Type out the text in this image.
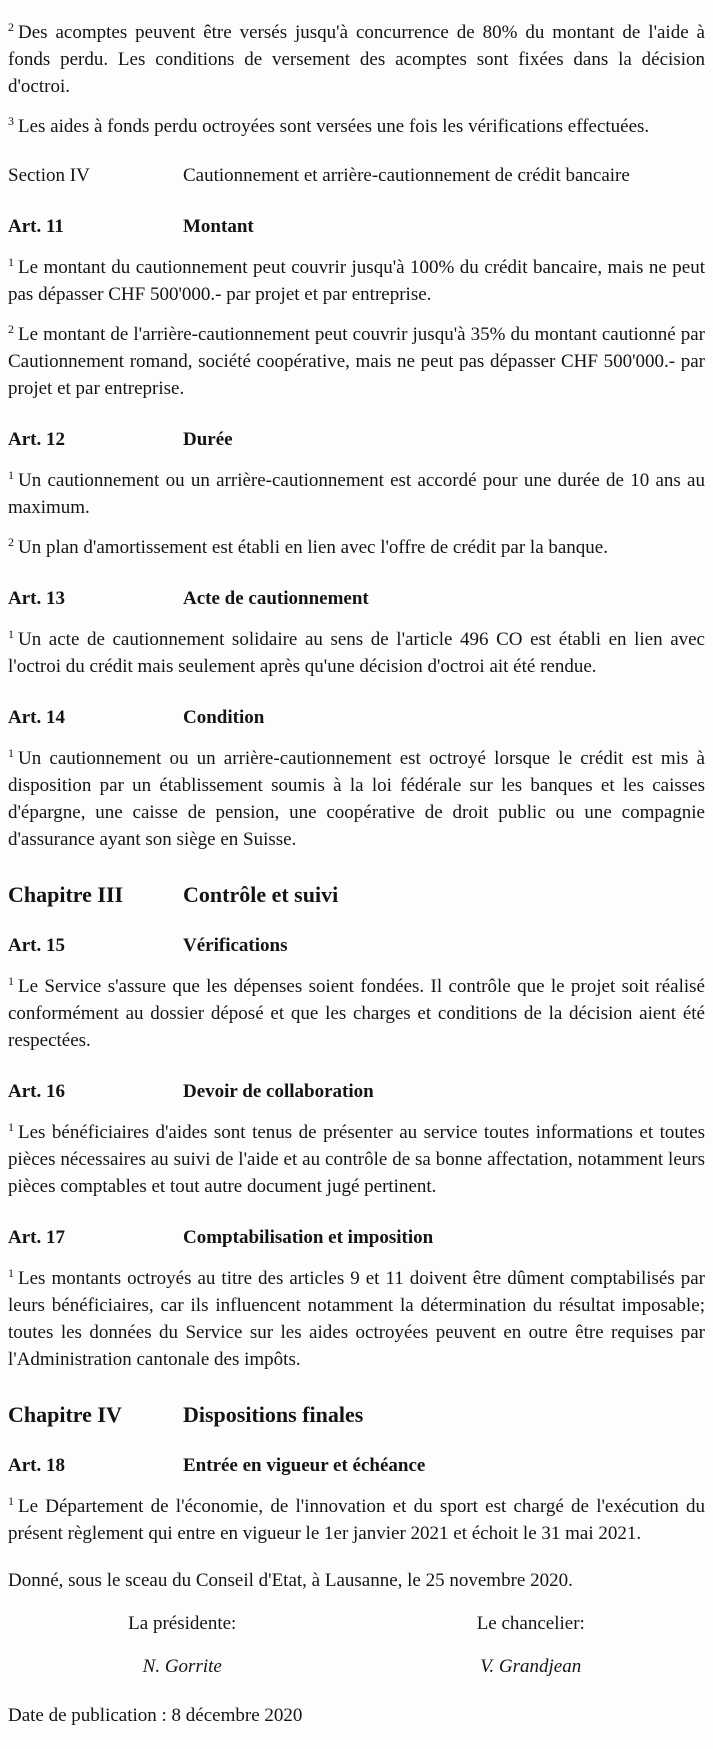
$^2$ Des acomptes peuvent être versés jusqu'à concurrence de 80% du montant de l'aide à fonds perdu. Les conditions de versement des acomptes sont fixées dans la décision d'octroi.

$^3$ Les aides à fonds perdu octroyées sont versées une fois les vérifications effectuées.

Section IV	Cautionnement et arrière-cautionnement de crédit bancaire
Art. 11	Montant

$^1$ Le montant du cautionnement peut couvrir jusqu'à 100% du crédit bancaire, mais ne peut pas dépasser CHF 500'000.- par projet et par entreprise.

$^2$ Le montant de l'arrière-cautionnement peut couvrir jusqu'à 35% du montant cautionné par Cautionnement romand, société coopérative, mais ne peut pas dépasser CHF 500'000.- par projet et par entreprise.

Art. 12	Durée

$^1$ Un cautionnement ou un arrière-cautionnement est accordé pour une durée de 10 ans au maximum.

$^2$ Un plan d'amortissement est établi en lien avec l'offre de crédit par la banque.

Art. 13	Acte de cautionnement

$^1$ Un acte de cautionnement solidaire au sens de l'article 496 CO est établi en lien avec l'octroi du crédit mais seulement après qu'une décision d'octroi ait été rendue.

Art. 14	Condition

$^1$ Un cautionnement ou un arrière-cautionnement est octroyé lorsque le crédit est mis à disposition par un établissement soumis à la loi fédérale sur les banques et les caisses d'épargne, une caisse de pension, une coopérative de droit public ou une compagnie d'assurance ayant son siège en Suisse.

Chapitre III	Contrôle et suivi
Art. 15	Vérifications

$^1$ Le Service s'assure que les dépenses soient fondées. Il contrôle que le projet soit réalisé conformément au dossier déposé et que les charges et conditions de la décision aient été respectées.

Art. 16	Devoir de collaboration

$^1$ Les bénéficiaires d'aides sont tenus de présenter au service toutes informations et toutes pièces nécessaires au suivi de l'aide et au contrôle de sa bonne affectation, notamment leurs pièces comptables et tout autre document jugé pertinent.

Art. 17	Comptabilisation et imposition

$^1$ Les montants octroyés au titre des articles 9 et 11 doivent être dûment comptabilisés par leurs bénéficiaires, car ils influencent notamment la détermination du résultat imposable; toutes les données du Service sur les aides octroyées peuvent en outre être requises par l'Administration cantonale des impôts.

Chapitre IV	Dispositions finales
Art. 18	Entrée en vigueur et échéance

$^1$ Le Département de l'économie, de l'innovation et du sport est chargé de l'exécution du présent règlement qui entre en vigueur le 1er janvier 2021 et échoit le 31 mai 2021.

Donné, sous le sceau du Conseil d'Etat, à Lausanne, le 25 novembre 2020.

La présidente:	Le chancelier:
N. Gorrite	V. Grandjean

Date de publication : 8 décembre 2020
